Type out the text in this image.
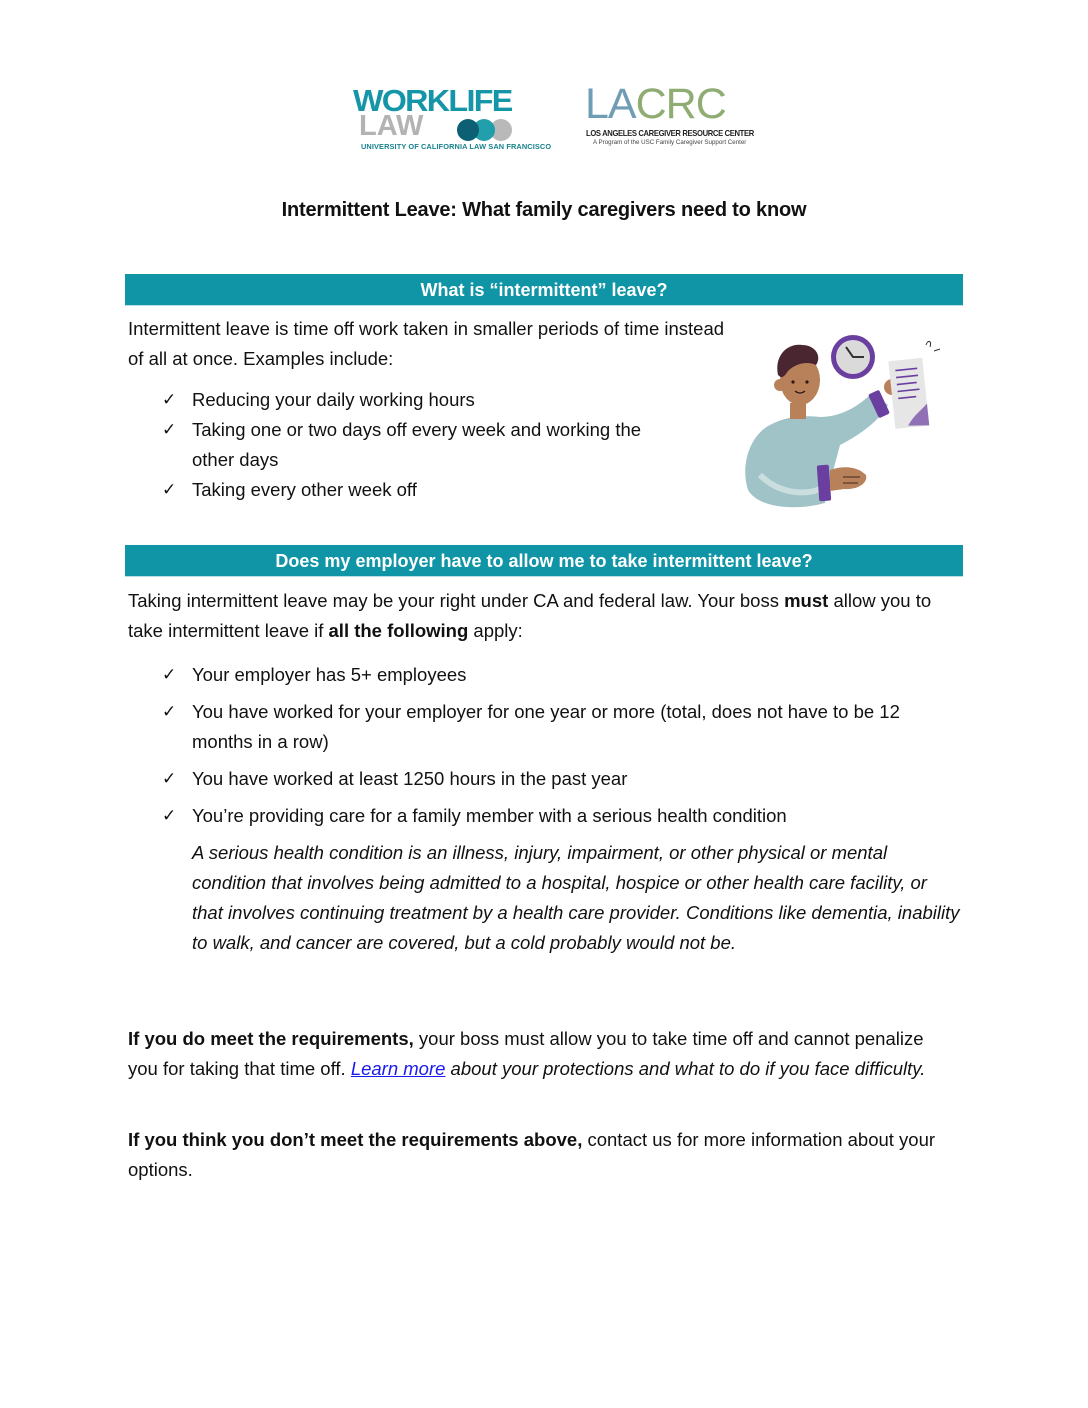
WORKLIFE
LAW
UNIVERSITY OF CALIFORNIA LAW SAN FRANCISCO
LACRC
LOS ANGELES CAREGIVER RESOURCE CENTER
A Program of the USC Family Caregiver Support Center
Intermittent Leave: What family caregivers need to know
What is “intermittent” leave?

Intermittent leave is time off work taken in smaller periods of time instead of all at once. Examples include:

✓ Reducing your daily working hours
✓ Taking one or two days off every week and working the other days
✓ Taking every other week off
Does my employer have to allow me to take intermittent leave?

Taking intermittent leave may be your right under CA and federal law. Your boss must allow you to take intermittent leave if all the following apply:

✓ Your employer has 5+ employees
✓ You have worked for your employer for one year or more (total, does not have to be 12 months in a row)
✓ You have worked at least 1250 hours in the past year
✓ You’re providing care for a family member with a serious health condition

A serious health condition is an illness, injury, impairment, or other physical or mental condition that involves being admitted to a hospital, hospice or other health care facility, or that involves continuing treatment by a health care provider. Conditions like dementia, inability to walk, and cancer are covered, but a cold probably would not be.

If you do meet the requirements, your boss must allow you to take time off and cannot penalize you for taking that time off. Learn more about your protections and what to do if you face difficulty.

If you think you don’t meet the requirements above, contact us for more information about your options.
